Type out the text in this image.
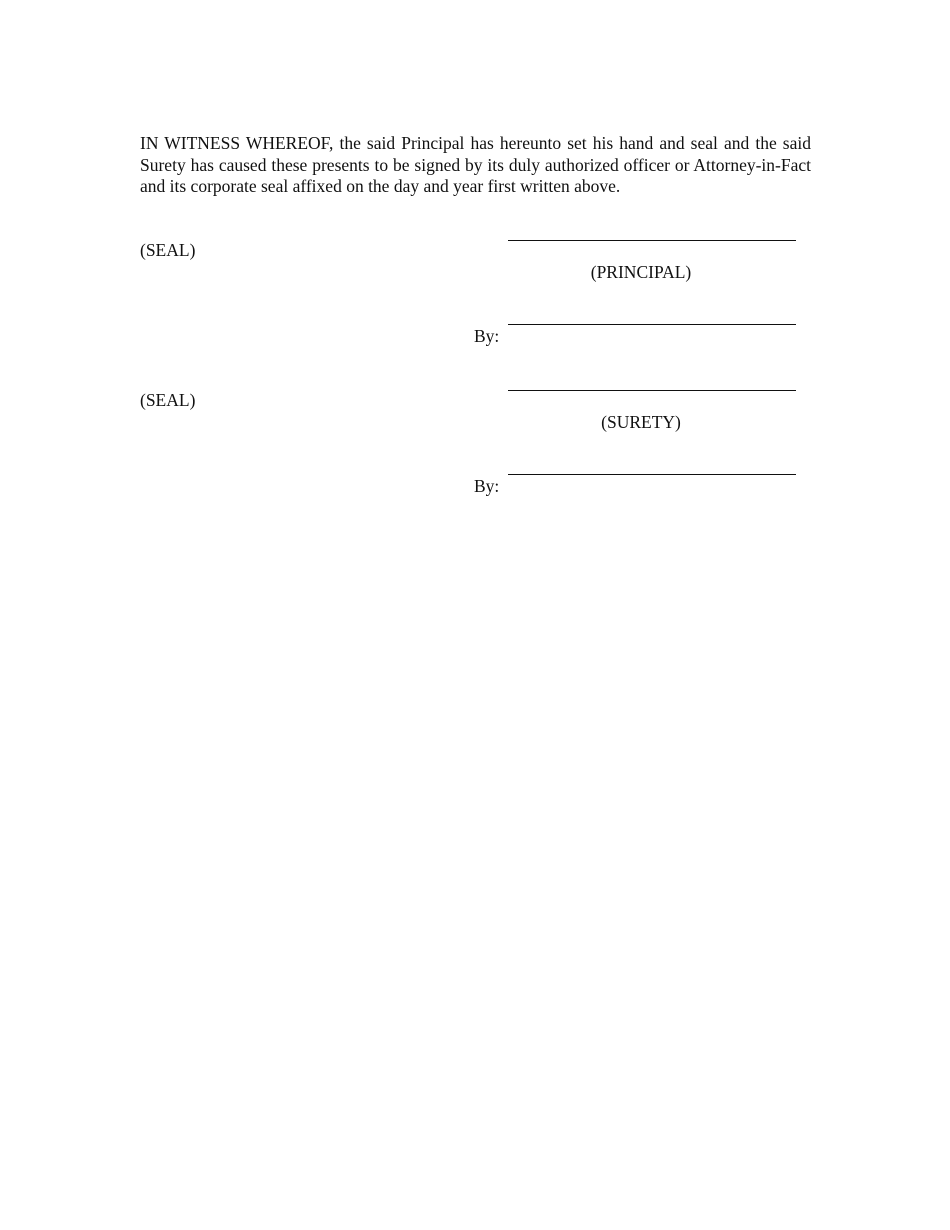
IN WITNESS WHEREOF, the said Principal has hereunto set his hand and seal and the said Surety has caused these presents to be signed by its duly authorized officer or Attorney-in-Fact and its corporate seal affixed on the day and year first written above.

(SEAL)
(PRINCIPAL)
By:
(SEAL)
(SURETY)
By:
